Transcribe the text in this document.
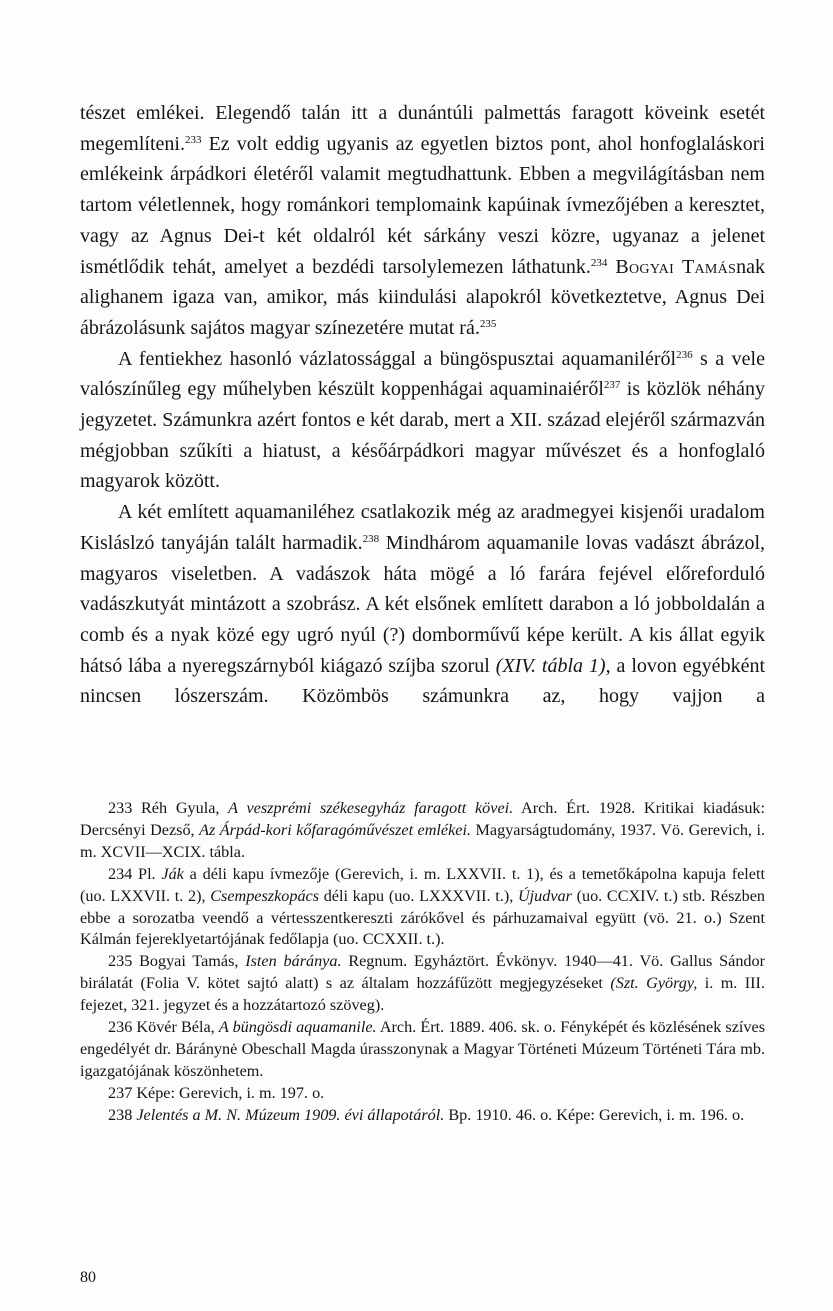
tészet emlékei. Elegendő talán itt a dunántúli palmettás faragott köveink esetét megemlíteni.$^{233}$ Ez volt eddig ugyanis az egyetlen biztos pont, ahol honfoglaláskori emlékeink árpádkori életéről valamit megtudhattunk. Ebben a megvilágításban nem tartom véletlennek, hogy románkori templomaink kapúinak ívmezőjében a keresztet, vagy az Agnus Dei-t két oldalról két sárkány veszi közre, ugyanaz a jelenet ismétlődik tehát, amelyet a bezdédi tarsolylemezen láthatunk.$^{234}$ Bogyai Tamásnak alighanem igaza van, amikor, más kiindulási alapokról következtetve, Agnus Dei ábrázolásunk sajátos magyar színezetére mutat rá.$^{235}$

A fentiekhez hasonló vázlatossággal a büngöspusztai aquamaniléről$^{236}$ s a vele valószínűleg egy műhelyben készült koppenhágai aquaminaiéről$^{237}$ is közlök néhány jegyzetet. Számunkra azért fontos e két darab, mert a XII. század elejéről származván mégjobban szűkíti a hiatust, a későárpádkori magyar művészet és a honfoglaló magyarok között.

A két említett aquamaniléhez csatlakozik még az aradmegyei kisjenői uradalom Kisláslzó tanyáján talált harmadik.$^{238}$ Mindhárom aquamanile lovas vadászt ábrázol, magyaros viseletben. A vadászok háta mögé a ló farára fejével előreforduló vadászkutyát mintázott a szobrász. A két elsőnek említett darabon a ló jobboldalán a comb és a nyak közé egy ugró nyúl (?) domborművű képe került. A kis állat egyik hátsó lába a nyeregszárnyból kiágazó szíjba szorul (XIV. tábla 1), a lovon egyébként nincsen lószerszám. Közömbös számunkra az, hogy vajjon a

233 Réh Gyula, A veszprémi székesegyház faragott kövei. Arch. Ért. 1928. Kritikai kiadásuk: Dercsényi Dezső, Az Árpád-kori kőfaragóművészet emlékei. Magyarságtudomány, 1937. Vö. Gerevich, i. m. XCVII—XCIX. tábla.

234 Pl. Ják a déli kapu ívmezője (Gerevich, i. m. LXXVII. t. 1), és a temetőkápolna kapuja felett (uo. LXXVII. t. 2), Csempeszkopács déli kapu (uo. LXXXVII. t.), Újudvar (uo. CCXIV. t.) stb. Részben ebbe a sorozatba veendő a vértesszentkereszti zárókővel és párhuzamaival együtt (vö. 21. o.) Szent Kálmán fejereklyetartójának fedőlapja (uo. CCXXII. t.).

235 Bogyai Tamás, Isten báránya. Regnum. Egyháztört. Évkönyv. 1940—41. Vö. Gallus Sándor birálatát (Folia V. kötet sajtó alatt) s az általam hozzáfűzött megjegyzéseket (Szt. György, i. m. III. fejezet, 321. jegyzet és a hozzátartozó szöveg).

236 Kövér Béla, A büngösdi aquamanile. Arch. Ért. 1889. 406. sk. o. Fényképét és közlésének szíves engedélyét dr. Báránynė Obeschall Magda úrasszonynak a Magyar Történeti Múzeum Történeti Tára mb. igazgatójának köszönhetem.

237 Képe: Gerevich, i. m. 197. o.

238 Jelentés a M. N. Múzeum 1909. évi állapotáról. Bp. 1910. 46. o. Képe: Gerevich, i. m. 196. o.

80
